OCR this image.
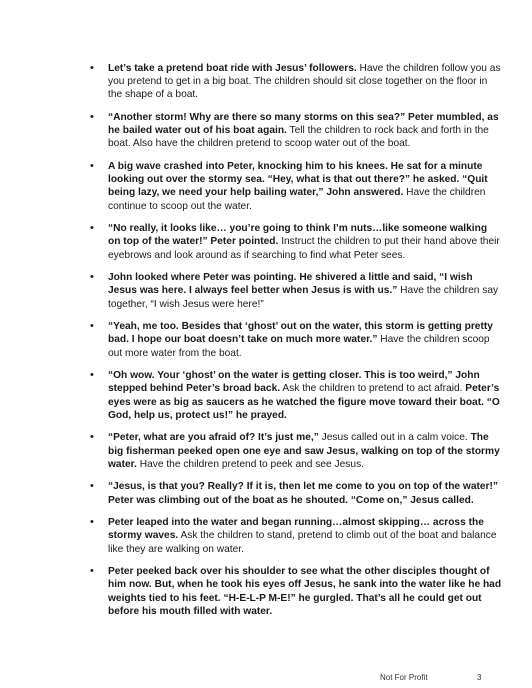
• Let’s take a pretend boat ride with Jesus’ followers. Have the children follow you as you pretend to get in a big boat. The children should sit close together on the floor in the shape of a boat.
• “Another storm! Why are there so many storms on this sea?” Peter mumbled, as he bailed water out of his boat again. Tell the children to rock back and forth in the boat. Also have the children pretend to scoop water out of the boat.
• A big wave crashed into Peter, knocking him to his knees. He sat for a minute looking out over the stormy sea. “Hey, what is that out there?” he asked. “Quit being lazy, we need your help bailing water,” John answered. Have the children continue to scoop out the water.
• “No really, it looks like… you’re going to think I’m nuts…like someone walking on top of the water!” Peter pointed. Instruct the children to put their hand above their eyebrows and look around as if searching to find what Peter sees.
• John looked where Peter was pointing. He shivered a little and said, “I wish Jesus was here. I always feel better when Jesus is with us.” Have the children say together, “I wish Jesus were here!”
• “Yeah, me too. Besides that ‘ghost’ out on the water, this storm is getting pretty bad. I hope our boat doesn’t take on much more water.” Have the children scoop out more water from the boat.
• “Oh wow. Your ‘ghost’ on the water is getting closer. This is too weird,” John stepped behind Peter’s broad back. Ask the children to pretend to act afraid. Peter’s eyes were as big as saucers as he watched the figure move toward their boat. “O God, help us, protect us!” he prayed.
• “Peter, what are you afraid of? It’s just me,” Jesus called out in a calm voice. The big fisherman peeked open one eye and saw Jesus, walking on top of the stormy water. Have the children pretend to peek and see Jesus.
• “Jesus, is that you? Really? If it is, then let me come to you on top of the water!” Peter was climbing out of the boat as he shouted. “Come on,” Jesus called.
• Peter leaped into the water and began running…almost skipping… across the stormy waves. Ask the children to stand, pretend to climb out of the boat and balance like they are walking on water.
• Peter peeked back over his shoulder to see what the other disciples thought of him now. But, when he took his eyes off Jesus, he sank into the water like he had weights tied to his feet. “H-E-L-P M-E!” he gurgled. That’s all he could get out before his mouth filled with water.
Not For Profit	3
